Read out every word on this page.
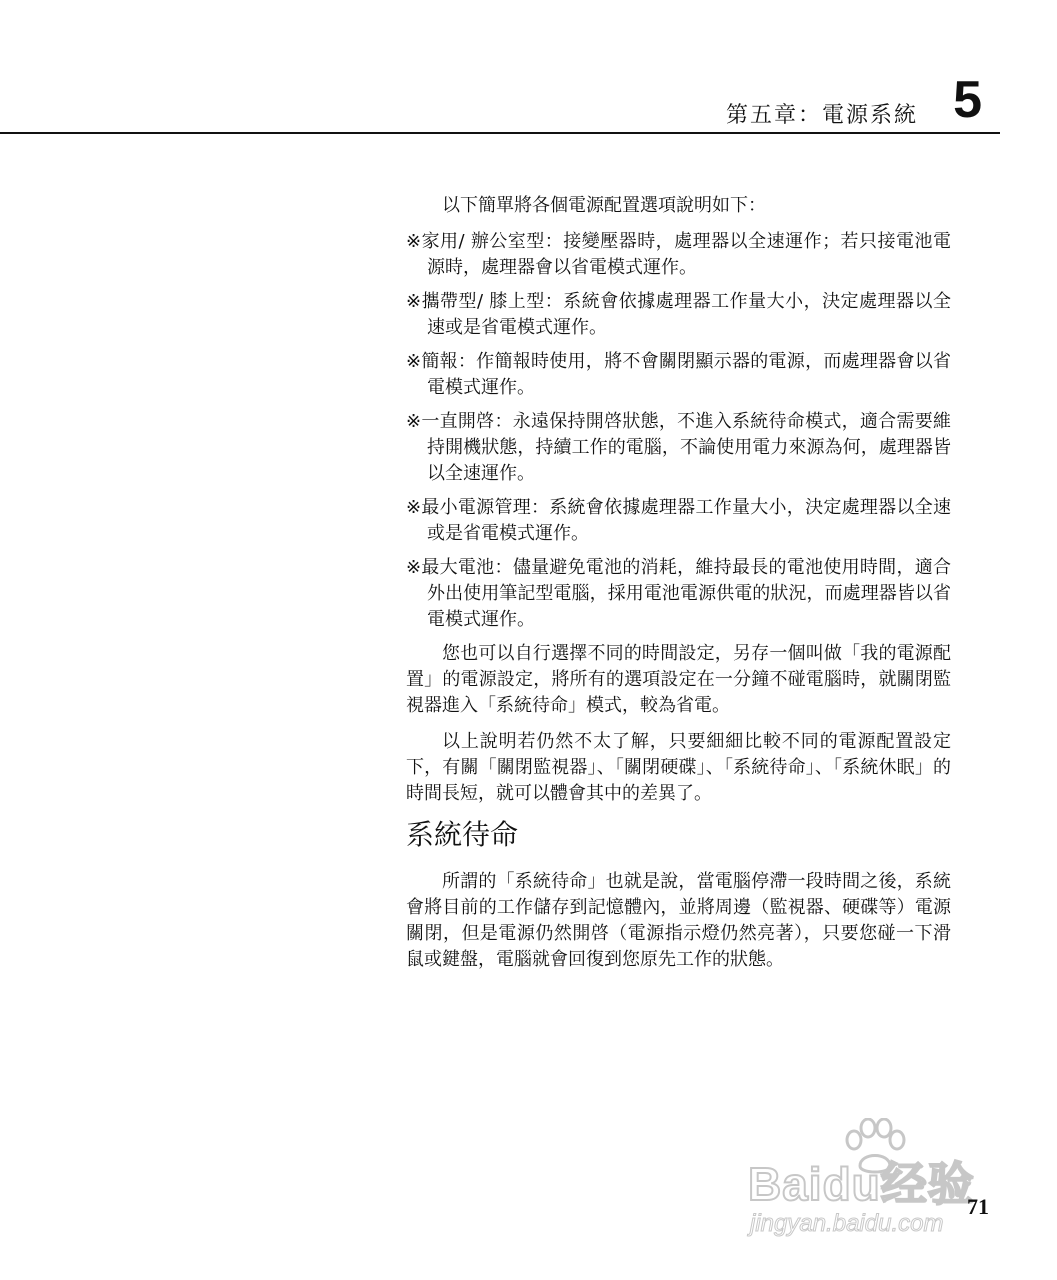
第五章：電源系統 5

以下簡單將各個電源配置選項說明如下：

※家用/ 辦公室型：接變壓器時，處理器以全速運作；若只接電池電源時，處理器會以省電模式運作。

※攜帶型/ 膝上型：系統會依據處理器工作量大小，決定處理器以全速或是省電模式運作。

※簡報：作簡報時使用，將不會關閉顯示器的電源，而處理器會以省電模式運作。

※一直開啓：永遠保持開啓狀態，不進入系統待命模式，適合需要維持開機狀態，持續工作的電腦，不論使用電力來源為何，處理器皆以全速運作。

※最小電源管理：系統會依據處理器工作量大小，決定處理器以全速或是省電模式運作。

※最大電池：儘量避免電池的消耗，維持最長的電池使用時間，適合外出使用筆記型電腦，採用電池電源供電的狀況，而處理器皆以省電模式運作。

您也可以自行選擇不同的時間設定，另存一個叫做「我的電源配置」的電源設定，將所有的選項設定在一分鐘不碰電腦時，就關閉監視器進入「系統待命」模式，較為省電。

以上說明若仍然不太了解，只要細細比較不同的電源配置設定下，有關「關閉監視器」、「關閉硬碟」、「系統待命」、「系統休眠」的時間長短，就可以體會其中的差異了。

系統待命

所謂的「系統待命」也就是說，當電腦停滯一段時間之後，系統會將目前的工作儲存到記憶體內，並將周邊（監視器、硬碟等）電源關閉，但是電源仍然開啓（電源指示燈仍然亮著），只要您碰一下滑鼠或鍵盤，電腦就會回復到您原先工作的狀態。

Baidu经验
jingyan.baidu.com
71
